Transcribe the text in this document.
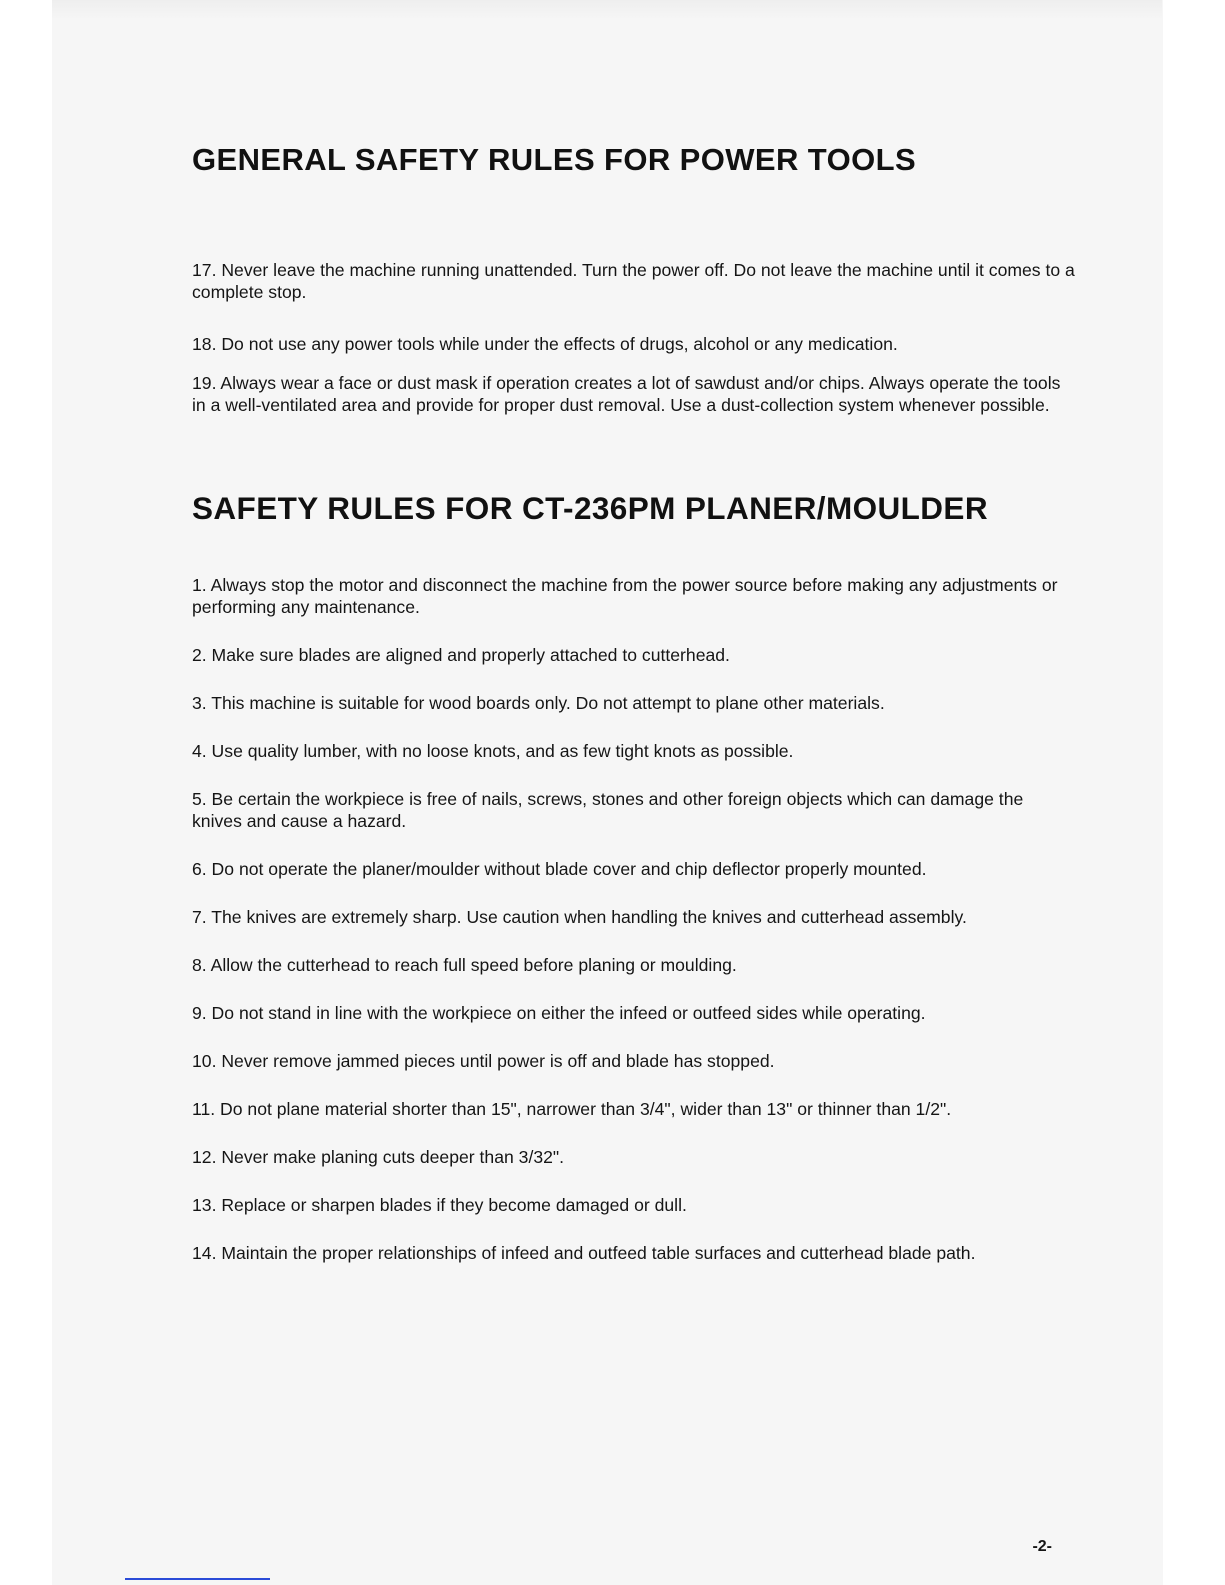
GENERAL SAFETY RULES FOR POWER TOOLS
17. Never leave the machine running unattended. Turn the power off. Do not leave the machine until it comes to a complete stop.
18. Do not use any power tools while under the effects of drugs, alcohol or any medication.
19. Always wear a face or dust mask if operation creates a lot of sawdust and/or chips. Always operate the tools in a well-ventilated area and provide for proper dust removal. Use a dust-collection system whenever possible.
SAFETY RULES FOR CT-236PM PLANER/MOULDER
1. Always stop the motor and disconnect the machine from the power source before making any adjustments or performing any maintenance.
2. Make sure blades are aligned and properly attached to cutterhead.
3. This machine is suitable for wood boards only. Do not attempt to plane other materials.
4. Use quality lumber, with no loose knots, and as few tight knots as possible.
5. Be certain the workpiece is free of nails, screws, stones and other foreign objects which can damage the knives and cause a hazard.
6. Do not operate the planer/moulder without blade cover and chip deflector properly mounted.
7. The knives are extremely sharp. Use caution when handling the knives and cutterhead assembly.
8. Allow the cutterhead to reach full speed before planing or moulding.
9. Do not stand in line with the workpiece on either the infeed or outfeed sides while operating.
10. Never remove jammed pieces until power is off and blade has stopped.
11. Do not plane material shorter than 15", narrower than 3/4", wider than 13" or thinner than 1/2".
12. Never make planing cuts deeper than 3/32".
13. Replace or sharpen blades if they become damaged or dull.
14. Maintain the proper relationships of infeed and outfeed table surfaces and cutterhead blade path.
-2-
